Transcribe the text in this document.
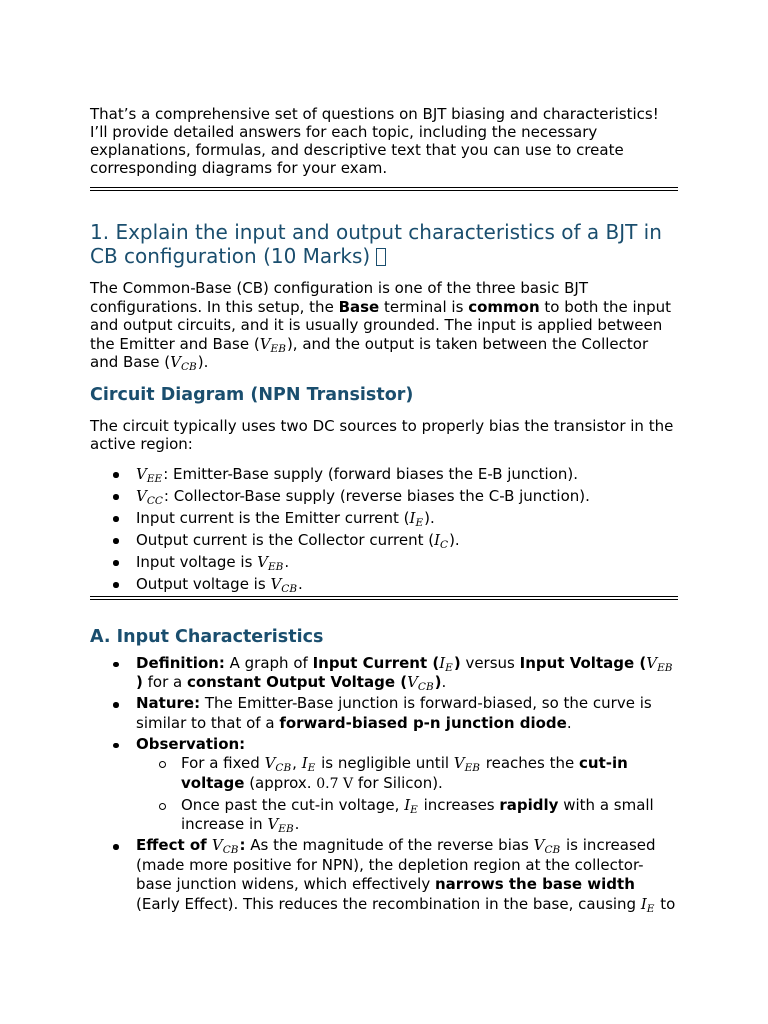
That’s a comprehensive set of questions on BJT biasing and characteristics! I’ll provide detailed answers for each topic, including the necessary explanations, formulas, and descriptive text that you can use to create corresponding diagrams for your exam.

1. Explain the input and output characteristics of a BJT in CB configuration (10 Marks)

The Common-Base (CB) configuration is one of the three basic BJT configurations. In this setup, the Base terminal is common to both the input and output circuits, and it is usually grounded. The input is applied between the Emitter and Base $(V_{EB})$, and the output is taken between the Collector and Base $(V_{CB})$.

Circuit Diagram (NPN Transistor)

The circuit typically uses two DC sources to properly bias the transistor in the active region:

$V_{EE}$: Emitter-Base supply (forward biases the E-B junction).
$V_{CC}$: Collector-Base supply (reverse biases the C-B junction).
Input current is the Emitter current $(I_E)$.
Output current is the Collector current $(I_C)$.
Input voltage is $V_{EB}$.
Output voltage is $V_{CB}$.
A. Input Characteristics
Definition: A graph of Input Current $(I_E)$ versus Input Voltage $(V_{EB})$ for a constant Output Voltage $(V_{CB})$.
Nature: The Emitter-Base junction is forward-biased, so the curve is similar to that of a forward-biased p-n junction diode.
Observation:
For a fixed $V_{CB}$, $I_E$ is negligible until $V_{EB}$ reaches the cut-in voltage (approx. 0.7 V for Silicon).
Once past the cut-in voltage, $I_E$ increases rapidly with a small increase in $V_{EB}$.
Effect of $V_{CB}$: As the magnitude of the reverse bias $V_{CB}$ is increased (made more positive for NPN), the depletion region at the collector-base junction widens, which effectively narrows the base width (Early Effect). This reduces the recombination in the base, causing $I_E$ to
